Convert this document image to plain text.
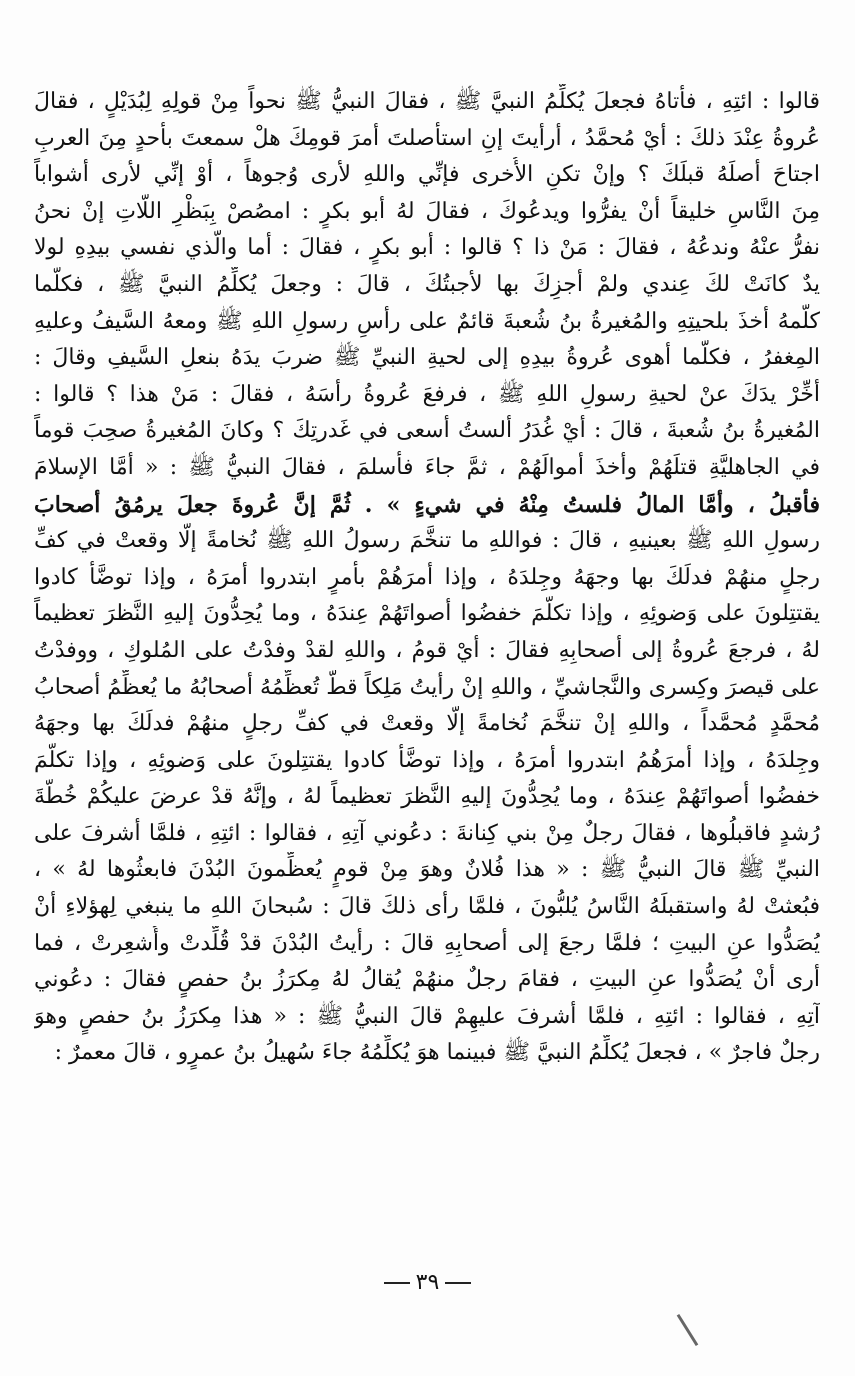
قالوا : ائتِهِ ، فأتاهُ فجعلَ يُكلِّمُ النبيَّ ﷺ ، فقالَ النبيُّ ﷺ نحواً مِنْ قولِهِ لِبُدَيْلٍ ، فقالَ
عُروةُ عِنْدَ ذلكَ : أيْ مُحمَّدُ ، أرأيتَ إنِ استأصلتَ أمرَ قومِكَ هلْ سمعتَ بأحدٍ مِنَ العربِ
اجتاحَ أصلَهُ قبلَكَ ؟ وإنْ تكنِ الأُخرى فإنِّي واللهِ لأرى وُجوهاً ، أوْ إنِّي لأرى أشواباً
مِنَ النَّاسِ خليقاً أنْ يفرُّوا ويدعُوكَ ، فقالَ لهُ أبو بكرٍ : امصُصْ بِبَظْرِ اللَّاتِ إنْ نحنُ
نفرُّ عنْهُ وندعُهُ ، فقالَ : مَنْ ذا ؟ قالوا : أبو بكرٍ ، فقالَ : أما والَّذي نفسي بيدِهِ لولا
يدٌ كانَتْ لكَ عِندي ولمْ أجزِكَ بها لأجبتُكَ ، قالَ : وجعلَ يُكلِّمُ النبيَّ ﷺ ، فكلَّما
كلَّمهُ أخذَ بلحيتِهِ والمُغيرةُ بنُ شُعبةَ قائمٌ على رأسِ رسولِ اللهِ ﷺ ومعهُ السَّيفُ وعليهِ
المِغفرُ ، فكلَّما أهوى عُروةُ بيدِهِ إلى لحيةِ النبيِّ ﷺ ضربَ يدَهُ بنعلِ السَّيفِ وقالَ :
أخِّرْ يدَكَ عنْ لحيةِ رسولِ اللهِ ﷺ ، فرفعَ عُروةُ رأسَهُ ، فقالَ : مَنْ هذا ؟ قالوا :
المُغيرةُ بنُ شُعبةَ ، قالَ : أيْ غُدَرُ ألستُ أسعى في غَدرتِكَ ؟ وكانَ المُغيرةُ صحِبَ قوماً
في الجاهليَّةِ قتلَهُمْ وأخذَ أموالَهُمْ ، ثمَّ جاءَ فأسلمَ ، فقالَ النبيُّ ﷺ : « أمَّا الإسلامَ
فأقبلُ ، وأمَّا المالُ فلستُ مِنْهُ في شيءٍ » . ثُمَّ إنَّ عُروةَ جعلَ يرمُقُ أصحابَ
رسولِ اللهِ ﷺ بعينيهِ ، قالَ : فواللهِ ما تنخَّمَ رسولُ اللهِ ﷺ نُخامةً إلَّا وقعتْ في كفِّ
رجلٍ منهُمْ فدلَكَ بها وجهَهُ وجِلدَهُ ، وإذا أمرَهُمْ بأمرٍ ابتدروا أمرَهُ ، وإذا توضَّأ كادوا
يقتتِلونَ على وَضوئِهِ ، وإذا تكلَّمَ خفضُوا أصواتَهُمْ عِندَهُ ، وما يُحِدُّونَ إليهِ النَّظرَ تعظيماً
لهُ ، فرجعَ عُروةُ إلى أصحابِهِ فقالَ : أيْ قومُ ، واللهِ لقدْ وفدْتُ على المُلوكِ ، ووفدْتُ
على قيصرَ وكِسرى والنَّجاشيِّ ، واللهِ إنْ رأيتُ مَلِكاً قطُّ تُعظِّمُهُ أصحابُهُ ما يُعظِّمُ أصحابُ
مُحمَّدٍ مُحمَّداً ، واللهِ إنْ تنخَّمَ نُخامةً إلَّا وقعتْ في كفِّ رجلٍ منهُمْ فدلَكَ بها وجهَهُ
وجِلدَهُ ، وإذا أمرَهُمُ ابتدروا أمرَهُ ، وإذا توضَّأ كادوا يقتتِلونَ على وَضوئِهِ ، وإذا تكلَّمَ
خفضُوا أصواتَهُمْ عِندَهُ ، وما يُحِدُّونَ إليهِ النَّظرَ تعظيماً لهُ ، وإنَّهُ قدْ عرضَ عليكُمْ خُطَّةَ
رُشدٍ فاقبلُوها ، فقالَ رجلٌ مِنْ بني كِنانةَ : دعُوني آتِهِ ، فقالوا : ائتِهِ ، فلمَّا أشرفَ على
النبيِّ ﷺ قالَ النبيُّ ﷺ : « هذا فُلانٌ وهوَ مِنْ قومٍ يُعظِّمونَ البُدْنَ فابعثُوها لهُ » ،
فبُعثتْ لهُ واستقبلَهُ النَّاسُ يُلبُّونَ ، فلمَّا رأى ذلكَ قالَ : سُبحانَ اللهِ ما ينبغي لِهؤلاءِ أنْ
يُصَدُّوا عنِ البيتِ ؛ فلمَّا رجعَ إلى أصحابِهِ قالَ : رأيتُ البُدْنَ قدْ قُلِّدتْ وأُشعِرتْ ، فما
أرى أنْ يُصَدُّوا عنِ البيتِ ، فقامَ رجلٌ منهُمْ يُقالُ لهُ مِكرَزُ بنُ حفصٍ فقالَ : دعُوني
آتِهِ ، فقالوا : ائتِهِ ، فلمَّا أشرفَ عليهِمْ قالَ النبيُّ ﷺ : « هذا مِكرَزُ بنُ حفصٍ وهوَ
رجلٌ فاجرٌ » ، فجعلَ يُكلِّمُ النبيَّ ﷺ فبينما هوَ يُكلِّمُهُ جاءَ سُهيلُ بنُ عمرٍو ، قالَ معمرٌ :
٣٩
